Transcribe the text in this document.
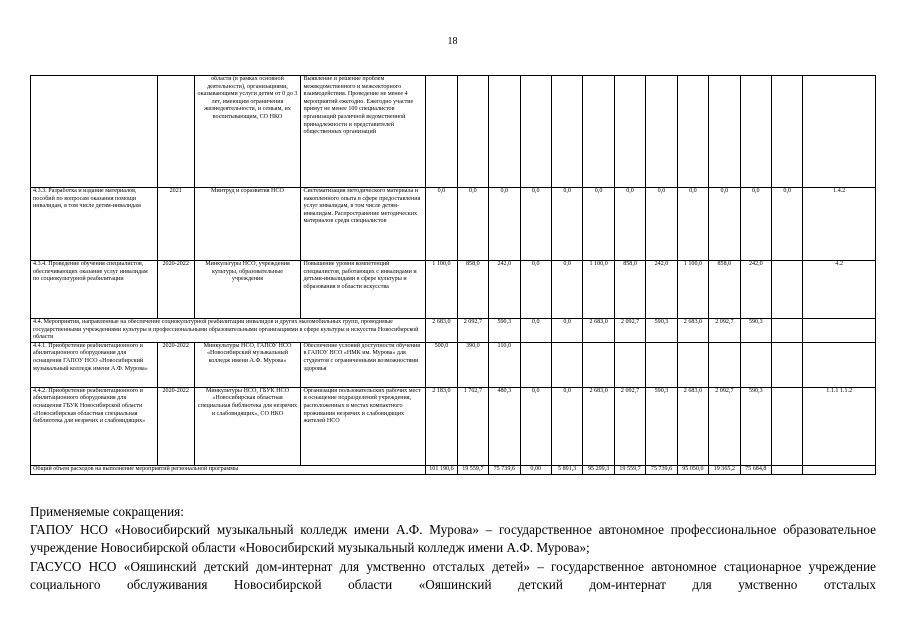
18
		области (в рамках основной деятельности), организациями, оказывающими услуги детям от 0 до 3 лет, имеющим ограничения жизнедеятельности, и семьям, их воспитывающим, СО НКО	Выявление и решение проблем межведомственного и межсекторного взаимодействия. Проведение не менее 4 мероприятий ежегодно. Ежегодно участие примут не менее 100 специалистов организаций различной ведомственной принадлежности и представителей общественных организаций													
4.3.3. Разработка и издание материалов, пособий по вопросам оказания помощи инвалидам, в том числе детям-инвалидам	2021	Минтруд и соразвития НСО	Систематизация методического материала и накопленного опыта в сфере предоставления услуг инвалидам, в том числе детям-инвалидам. Распространение методических материалов среди специалистов	0,0	0,0	0,0	0,0	0,0	0,0	0,0	0,0	0,0	0,0	0,0	0,0	1.4.2
4.3.4. Проведение обучения специалистов, обеспечивающих оказание услуг инвалидам по социокультурной реабилитации	2020-2022	Минкультуры НСО, учреждения культуры, образовательные учреждения	Повышение уровня компетенций специалистов, работающих с инвалидами и детьми-инвалидами в сфере культуры и образования в области искусства	1 100,0	858,0	242,0	0,0	0,0	1 100,0	858,0	242,0	1 100,0	858,0	242,0		4.2
4.4. Мероприятия, направленные на обеспечение социокультурной реабилитации инвалидов и других маломобильных групп, проводимые государственными учреждениями культуры и профессиональными образовательными организациями в сфере культуры и искусства Новосибирской области				2 683,0	2 092,7	590,3	0,0	0,0	2 683,0	2 092,7	590,3	2 683,0	2 092,7	590,3		
4.4.1. Приобретение реабилитационного и абилитационного оборудования для оснащения ГАПОУ НСО «Новосибирский музыкальный колледж имени А.Ф. Мурова»	2020-2022	Минкультуры НСО, ГАПОУ НСО «Новосибирский музыкальный колледж имени А.Ф. Мурова»	Обеспечение условий доступности обучения в ГАПОУ НСО «НМК им. Мурова» для студентов с ограниченными возможностями здоровья	500,0	390,0	110,0										
4.4.2. Приобретение реабилитационного и абилитационного оборудования для оснащения ГБУК Новосибирской области «Новосибирская областная специальная библиотека для незрячих и слабовидящих»	2020-2022	Минкультуры НСО, ГБУК НСО «Новосибирская областная специальная библиотека для незрячих и слабовидящих», СО НКО	Организация пользовательских рабочих мест и оснащение подразделений учреждения, расположенных в местах компактного проживания незрячих и слабовидящих жителей НСО	2 183,0	1 702,7	480,3	0,0	0,0	2 683,0	2 092,7	590,3	2 683,0	2 092,7	590,3		1.1.1 1.1.2
Общий объем расходов на выполнение мероприятий региональной программы				101 190,6	19 559,7	75 739,6	0,00	5 891,3	95 299,3	19 559,7	75 739,6	95 050,0	19 365,2	75 684,8		

Применяемые сокращения:

ГАПОУ НСО «Новосибирский музыкальный колледж имени А.Ф. Мурова» – государственное автономное профессиональное образовательное учреждение Новосибирской области «Новосибирский музыкальный колледж имени А.Ф. Мурова»;

ГАСУСО НСО «Ояшинский детский дом-интернат для умственно отсталых детей» – государственное автономное стационарное учреждение социального обслуживания Новосибирской области «Ояшинский детский дом-интернат для умственно отсталых
